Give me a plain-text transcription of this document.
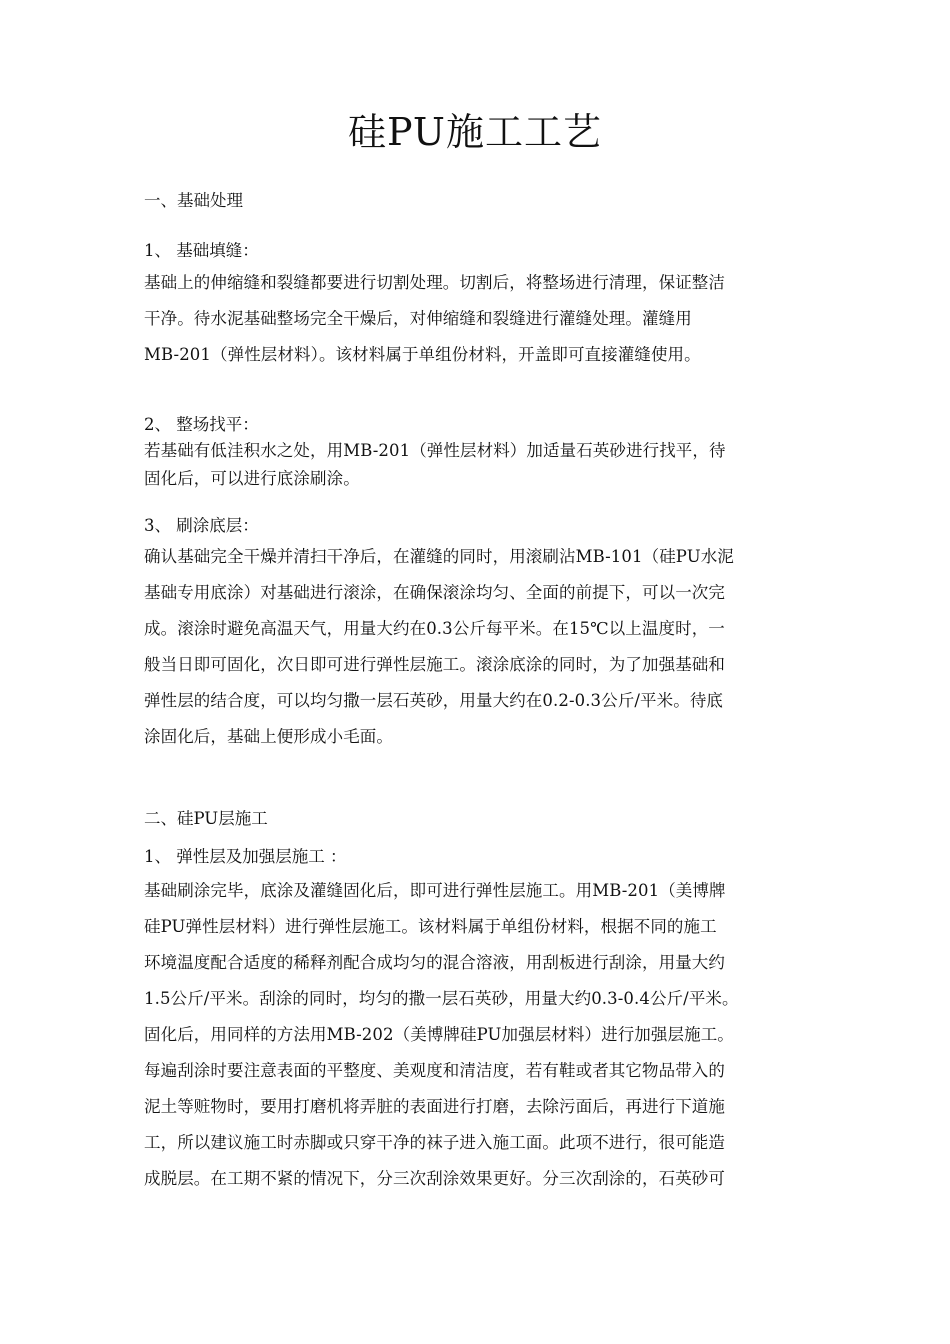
硅PU施工工艺
一、基础处理
1、 基础填缝：
基础上的伸缩缝和裂缝都要进行切割处理。切割后，将整场进行清理，保证整洁
干净。待水泥基础整场完全干燥后，对伸缩缝和裂缝进行灌缝处理。灌缝用
MB-201（弹性层材料）。该材料属于单组份材料，开盖即可直接灌缝使用。
2、 整场找平：
若基础有低洼积水之处，用MB-201（弹性层材料）加适量石英砂进行找平，待
固化后，可以进行底涂刷涂。
3、 刷涂底层：
确认基础完全干燥并清扫干净后，在灌缝的同时，用滚刷沾MB-101（硅PU水泥
基础专用底涂）对基础进行滚涂，在确保滚涂均匀、全面的前提下，可以一次完
成。滚涂时避免高温天气，用量大约在0.3公斤每平米。在15℃以上温度时，一
般当日即可固化，次日即可进行弹性层施工。滚涂底涂的同时，为了加强基础和
弹性层的结合度，可以均匀撒一层石英砂，用量大约在0.2-0.3公斤/平米。待底
涂固化后，基础上便形成小毛面。
二、硅PU层施工
1、 弹性层及加强层施工 ：
基础刷涂完毕，底涂及灌缝固化后，即可进行弹性层施工。用MB-201（美博牌
硅PU弹性层材料）进行弹性层施工。该材料属于单组份材料，根据不同的施工
环境温度配合适度的稀释剂配合成均匀的混合溶液，用刮板进行刮涂，用量大约
1.5公斤/平米。刮涂的同时，均匀的撒一层石英砂，用量大约0.3-0.4公斤/平米。
固化后，用同样的方法用MB-202（美博牌硅PU加强层材料）进行加强层施工。
每遍刮涂时要注意表面的平整度、美观度和清洁度，若有鞋或者其它物品带入的
泥土等赃物时，要用打磨机将弄脏的表面进行打磨，去除污面后，再进行下道施
工，所以建议施工时赤脚或只穿干净的袜子进入施工面。此项不进行，很可能造
成脱层。在工期不紧的情况下，分三次刮涂效果更好。分三次刮涂的，石英砂可
